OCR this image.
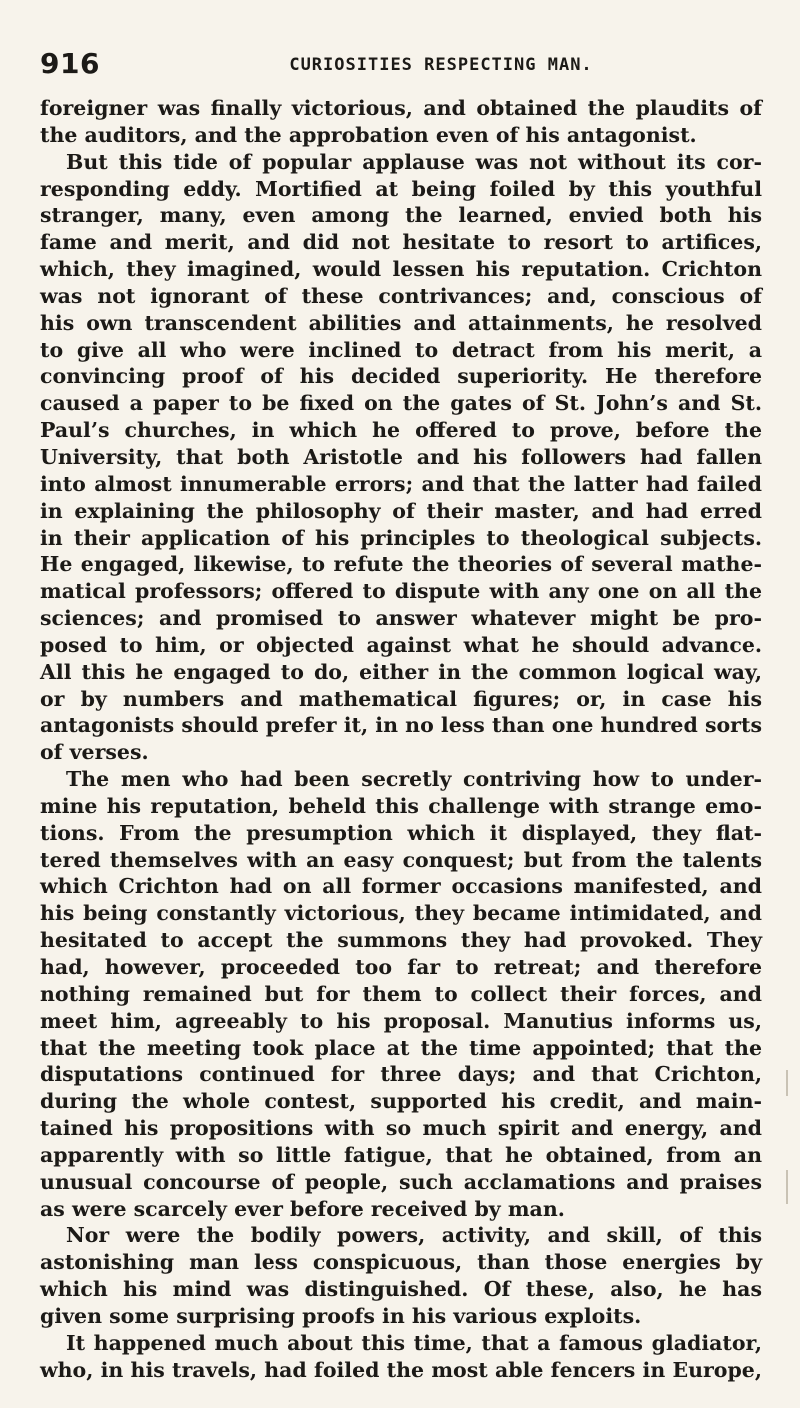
916	CURIOSITIES RESPECTING MAN.
foreigner was finally victorious, and obtained the plaudits of
the auditors, and the approbation even of his antagonist.
But this tide of popular applause was not without its cor-
responding eddy. Mortified at being foiled by this youthful
stranger, many, even among the learned, envied both his
fame and merit, and did not hesitate to resort to artifices,
which, they imagined, would lessen his reputation. Crichton
was not ignorant of these contrivances; and, conscious of
his own transcendent abilities and attainments, he resolved
to give all who were inclined to detract from his merit, a
convincing proof of his decided superiority. He therefore
caused a paper to be fixed on the gates of St. John’s and St.
Paul’s churches, in which he offered to prove, before the
University, that both Aristotle and his followers had fallen
into almost innumerable errors; and that the latter had failed
in explaining the philosophy of their master, and had erred
in their application of his principles to theological subjects.
He engaged, likewise, to refute the theories of several mathe-
matical professors; offered to dispute with any one on all the
sciences; and promised to answer whatever might be pro-
posed to him, or objected against what he should advance.
All this he engaged to do, either in the common logical way,
or by numbers and mathematical figures; or, in case his
antagonists should prefer it, in no less than one hundred sorts
of verses.
The men who had been secretly contriving how to under-
mine his reputation, beheld this challenge with strange emo-
tions. From the presumption which it displayed, they flat-
tered themselves with an easy conquest; but from the talents
which Crichton had on all former occasions manifested, and
his being constantly victorious, they became intimidated, and
hesitated to accept the summons they had provoked. They
had, however, proceeded too far to retreat; and therefore
nothing remained but for them to collect their forces, and
meet him, agreeably to his proposal. Manutius informs us,
that the meeting took place at the time appointed; that the
disputations continued for three days; and that Crichton,
during the whole contest, supported his credit, and main-
tained his propositions with so much spirit and energy, and
apparently with so little fatigue, that he obtained, from an
unusual concourse of people, such acclamations and praises
as were scarcely ever before received by man.
Nor were the bodily powers, activity, and skill, of this
astonishing man less conspicuous, than those energies by
which his mind was distinguished. Of these, also, he has
given some surprising proofs in his various exploits.
It happened much about this time, that a famous gladiator,
who, in his travels, had foiled the most able fencers in Europe,
